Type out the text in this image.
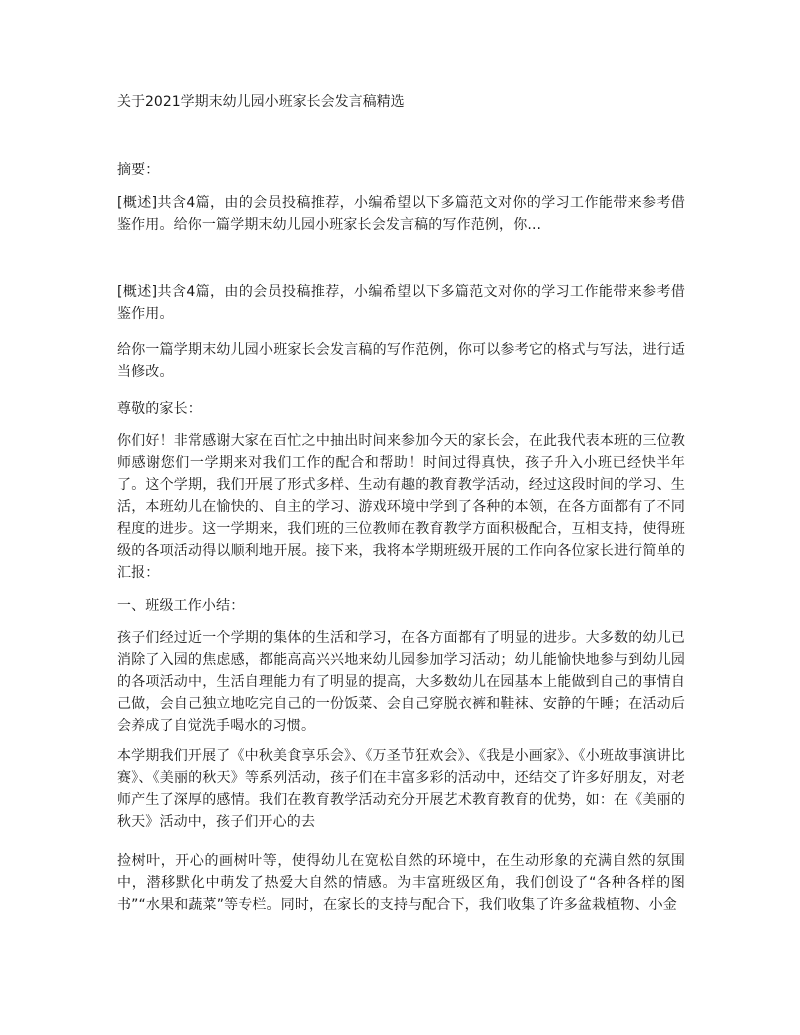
关于2021学期末幼儿园小班家长会发言稿精选
摘要：
[概述]共含4篇，由的会员投稿推荐，小编希望以下多篇范文对你的学习工作能带来参考借鉴作用。给你一篇学期末幼儿园小班家长会发言稿的写作范例，你...
[概述]共含4篇，由的会员投稿推荐，小编希望以下多篇范文对你的学习工作能带来参考借鉴作用。
给你一篇学期末幼儿园小班家长会发言稿的写作范例，你可以参考它的格式与写法，进行适当修改。
尊敬的家长：
你们好！非常感谢大家在百忙之中抽出时间来参加今天的家长会，在此我代表本班的三位教师感谢您们一学期来对我们工作的配合和帮助！时间过得真快，孩子升入小班已经快半年了。这个学期，我们开展了形式多样、生动有趣的教育教学活动，经过这段时间的学习、生活，本班幼儿在愉快的、自主的学习、游戏环境中学到了各种的本领，在各方面都有了不同程度的进步。这一学期来，我们班的三位教师在教育教学方面积极配合，互相支持，使得班级的各项活动得以顺利地开展。接下来，我将本学期班级开展的工作向各位家长进行简单的汇报：
一、班级工作小结：
孩子们经过近一个学期的集体的生活和学习，在各方面都有了明显的进步。大多数的幼儿已消除了入园的焦虑感，都能高高兴兴地来幼儿园参加学习活动；幼儿能愉快地参与到幼儿园的各项活动中，生活自理能力有了明显的提高，大多数幼儿在园基本上能做到自己的事情自己做，会自己独立地吃完自己的一份饭菜、会自己穿脱衣裤和鞋袜、安静的午睡；在活动后会养成了自觉洗手喝水的习惯。
本学期我们开展了《中秋美食享乐会》、《万圣节狂欢会》、《我是小画家》、《小班故事演讲比赛》、《美丽的秋天》等系列活动，孩子们在丰富多彩的活动中，还结交了许多好朋友，对老师产生了深厚的感情。我们在教育教学活动充分开展艺术教育教育的优势，如：在《美丽的秋天》活动中，孩子们开心的去
捡树叶，开心的画树叶等，使得幼儿在宽松自然的环境中，在生动形象的充满自然的氛围中，潜移默化中萌发了热爱大自然的情感。为丰富班级区角，我们创设了“各种各样的图书”“水果和蔬菜”等专栏。同时，在家长的支持与配合下，我们收集了许多盆栽植物、小金
